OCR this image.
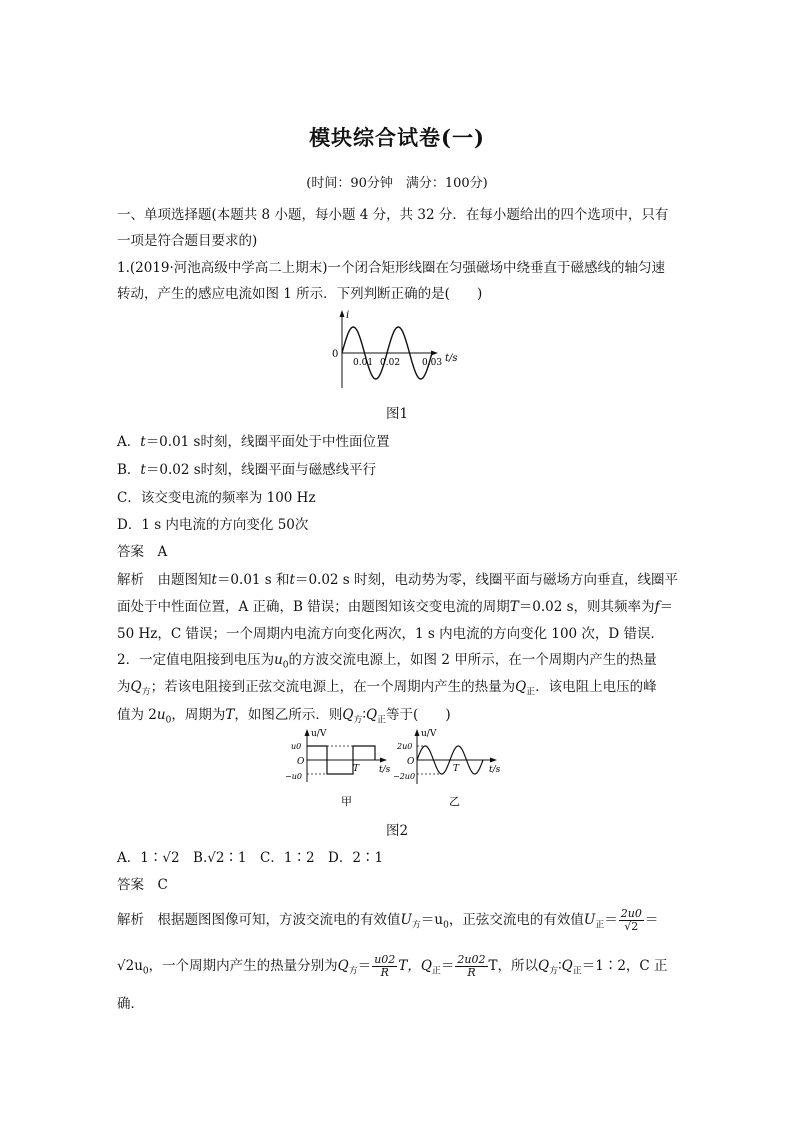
模块综合试卷(一)
(时间：90分钟　满分：100分)
一、单项选择题(本题共 8 小题，每小题 4 分，共 32 分．在每小题给出的四个选项中，只有
一项是符合题目要求的)
1.(2019·河池高级中学高二上期末)一个闭合矩形线圈在匀强磁场中绕垂直于磁感线的轴匀速
转动，产生的感应电流如图 1 所示．下列判断正确的是(　　)
i
0
0.01 0.02 0.03 t/s
图1
A．t＝0.01 s时刻，线圈平面处于中性面位置
B．t＝0.02 s时刻，线圈平面与磁感线平行
C．该交变电流的频率为 100 Hz
D．1 s 内电流的方向变化 50次
答案　 A
解析　 由题图知t＝0.01 s 和t＝0.02 s 时刻，电动势为零，线圈平面与磁场方向垂直，线圈平
面处于中性面位置，A 正确，B 错误；由题图知该交变电流的周期T＝0.02 s，则其频率为f＝
50 Hz，C 错误；一个周期内电流方向变化两次，1 s 内电流的方向变化 100 次，D 错误．
2．一定值电阻接到电压为$u_0$的方波交流电源上，如图 2 甲所示，在一个周期内产生的热量
为$Q_方$；若该电阻接到正弦交流电源上，在一个周期内产生的热量为$Q_正$．该电阻上电压的峰
值为 $2u_0$，周期为T，如图乙所示．则$Q_方∶Q_正$等于(　　)
u/V
u0
O
−u0
T t/s
甲
u/V
2u0
O
−2u0
T	t/s
乙
图2
A．1∶√2　B.√2∶1　C．1∶2　D．2∶1
答案　 C
解析　 根据题图图像可知，方波交流电的有效值$U_方=u_0$，正弦交流电的有效值$U_正= \frac{2u0}{√2}$ ＝
$√2u_0$，一个周期内产生的热量分别为$Q_方= \frac{u02}{R}$ T，$Q_正= \frac{2u02}{R}$ T，所以$Q_方∶Q_正=1∶2$，C 正
确．
